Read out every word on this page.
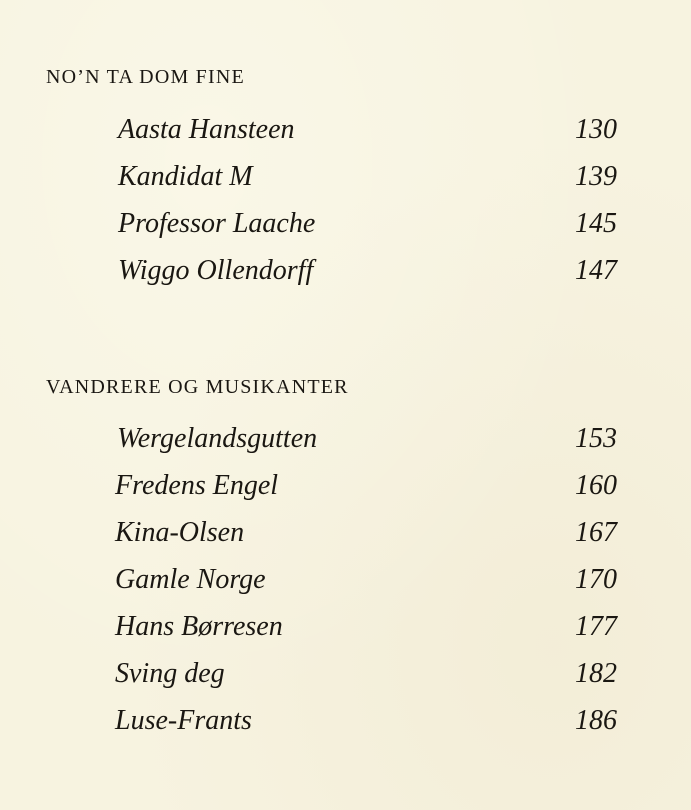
NO’N TA DOM FINE
Aasta Hansteen	130
Kandidat M	139
Professor Laache	145
Wiggo Ollendorff	147
VANDRERE OG MUSIKANTER
Wergelandsgutten	153
Fredens Engel	160
Kina-Olsen	167
Gamle Norge	170
Hans Børresen	177
Sving deg	182
Luse-Frants	186
